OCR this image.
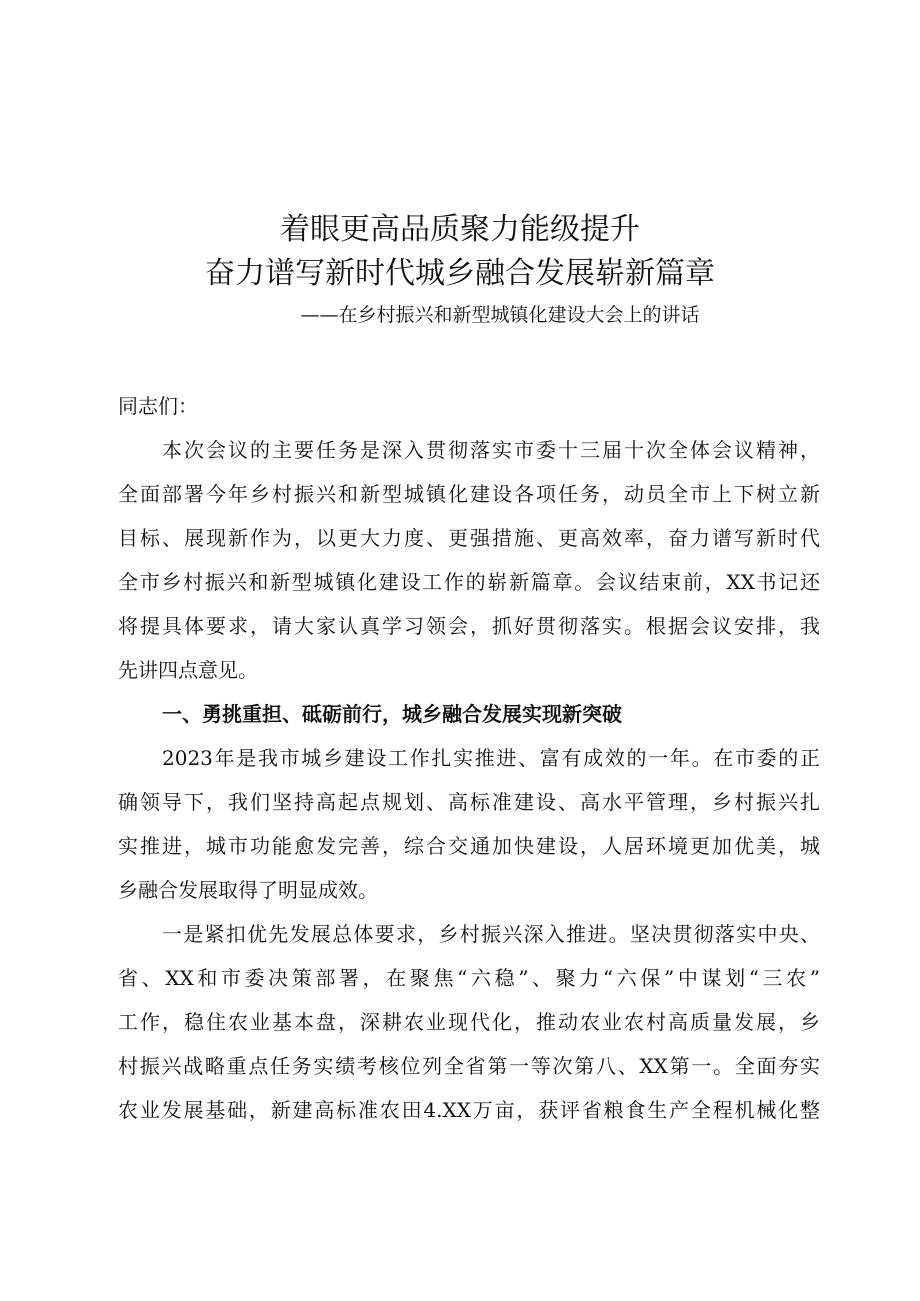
着眼更高品质聚力能级提升
奋力谱写新时代城乡融合发展崭新篇章
——在乡村振兴和新型城镇化建设大会上的讲话
同志们：
本次会议的主要任务是深入贯彻落实市委十三届十次全体会议精神，
全面部署今年乡村振兴和新型城镇化建设各项任务，动员全市上下树立新
目标、展现新作为，以更大力度、更强措施、更高效率，奋力谱写新时代
全市乡村振兴和新型城镇化建设工作的崭新篇章。会议结束前，XX书记还
将提具体要求，请大家认真学习领会，抓好贯彻落实。根据会议安排，我
先讲四点意见。
一、勇挑重担、砥砺前行，城乡融合发展实现新突破
2023年是我市城乡建设工作扎实推进、富有成效的一年。在市委的正
确领导下，我们坚持高起点规划、高标准建设、高水平管理，乡村振兴扎
实推进，城市功能愈发完善，综合交通加快建设，人居环境更加优美，城
乡融合发展取得了明显成效。
一是紧扣优先发展总体要求，乡村振兴深入推进。坚决贯彻落实中央、
省、XX和市委决策部署，在聚焦“六稳”、聚力“六保”中谋划“三农”
工作，稳住农业基本盘，深耕农业现代化，推动农业农村高质量发展，乡
村振兴战略重点任务实绩考核位列全省第一等次第八、XX第一。全面夯实
农业发展基础，新建高标准农田4.XX万亩，获评省粮食生产全程机械化整
